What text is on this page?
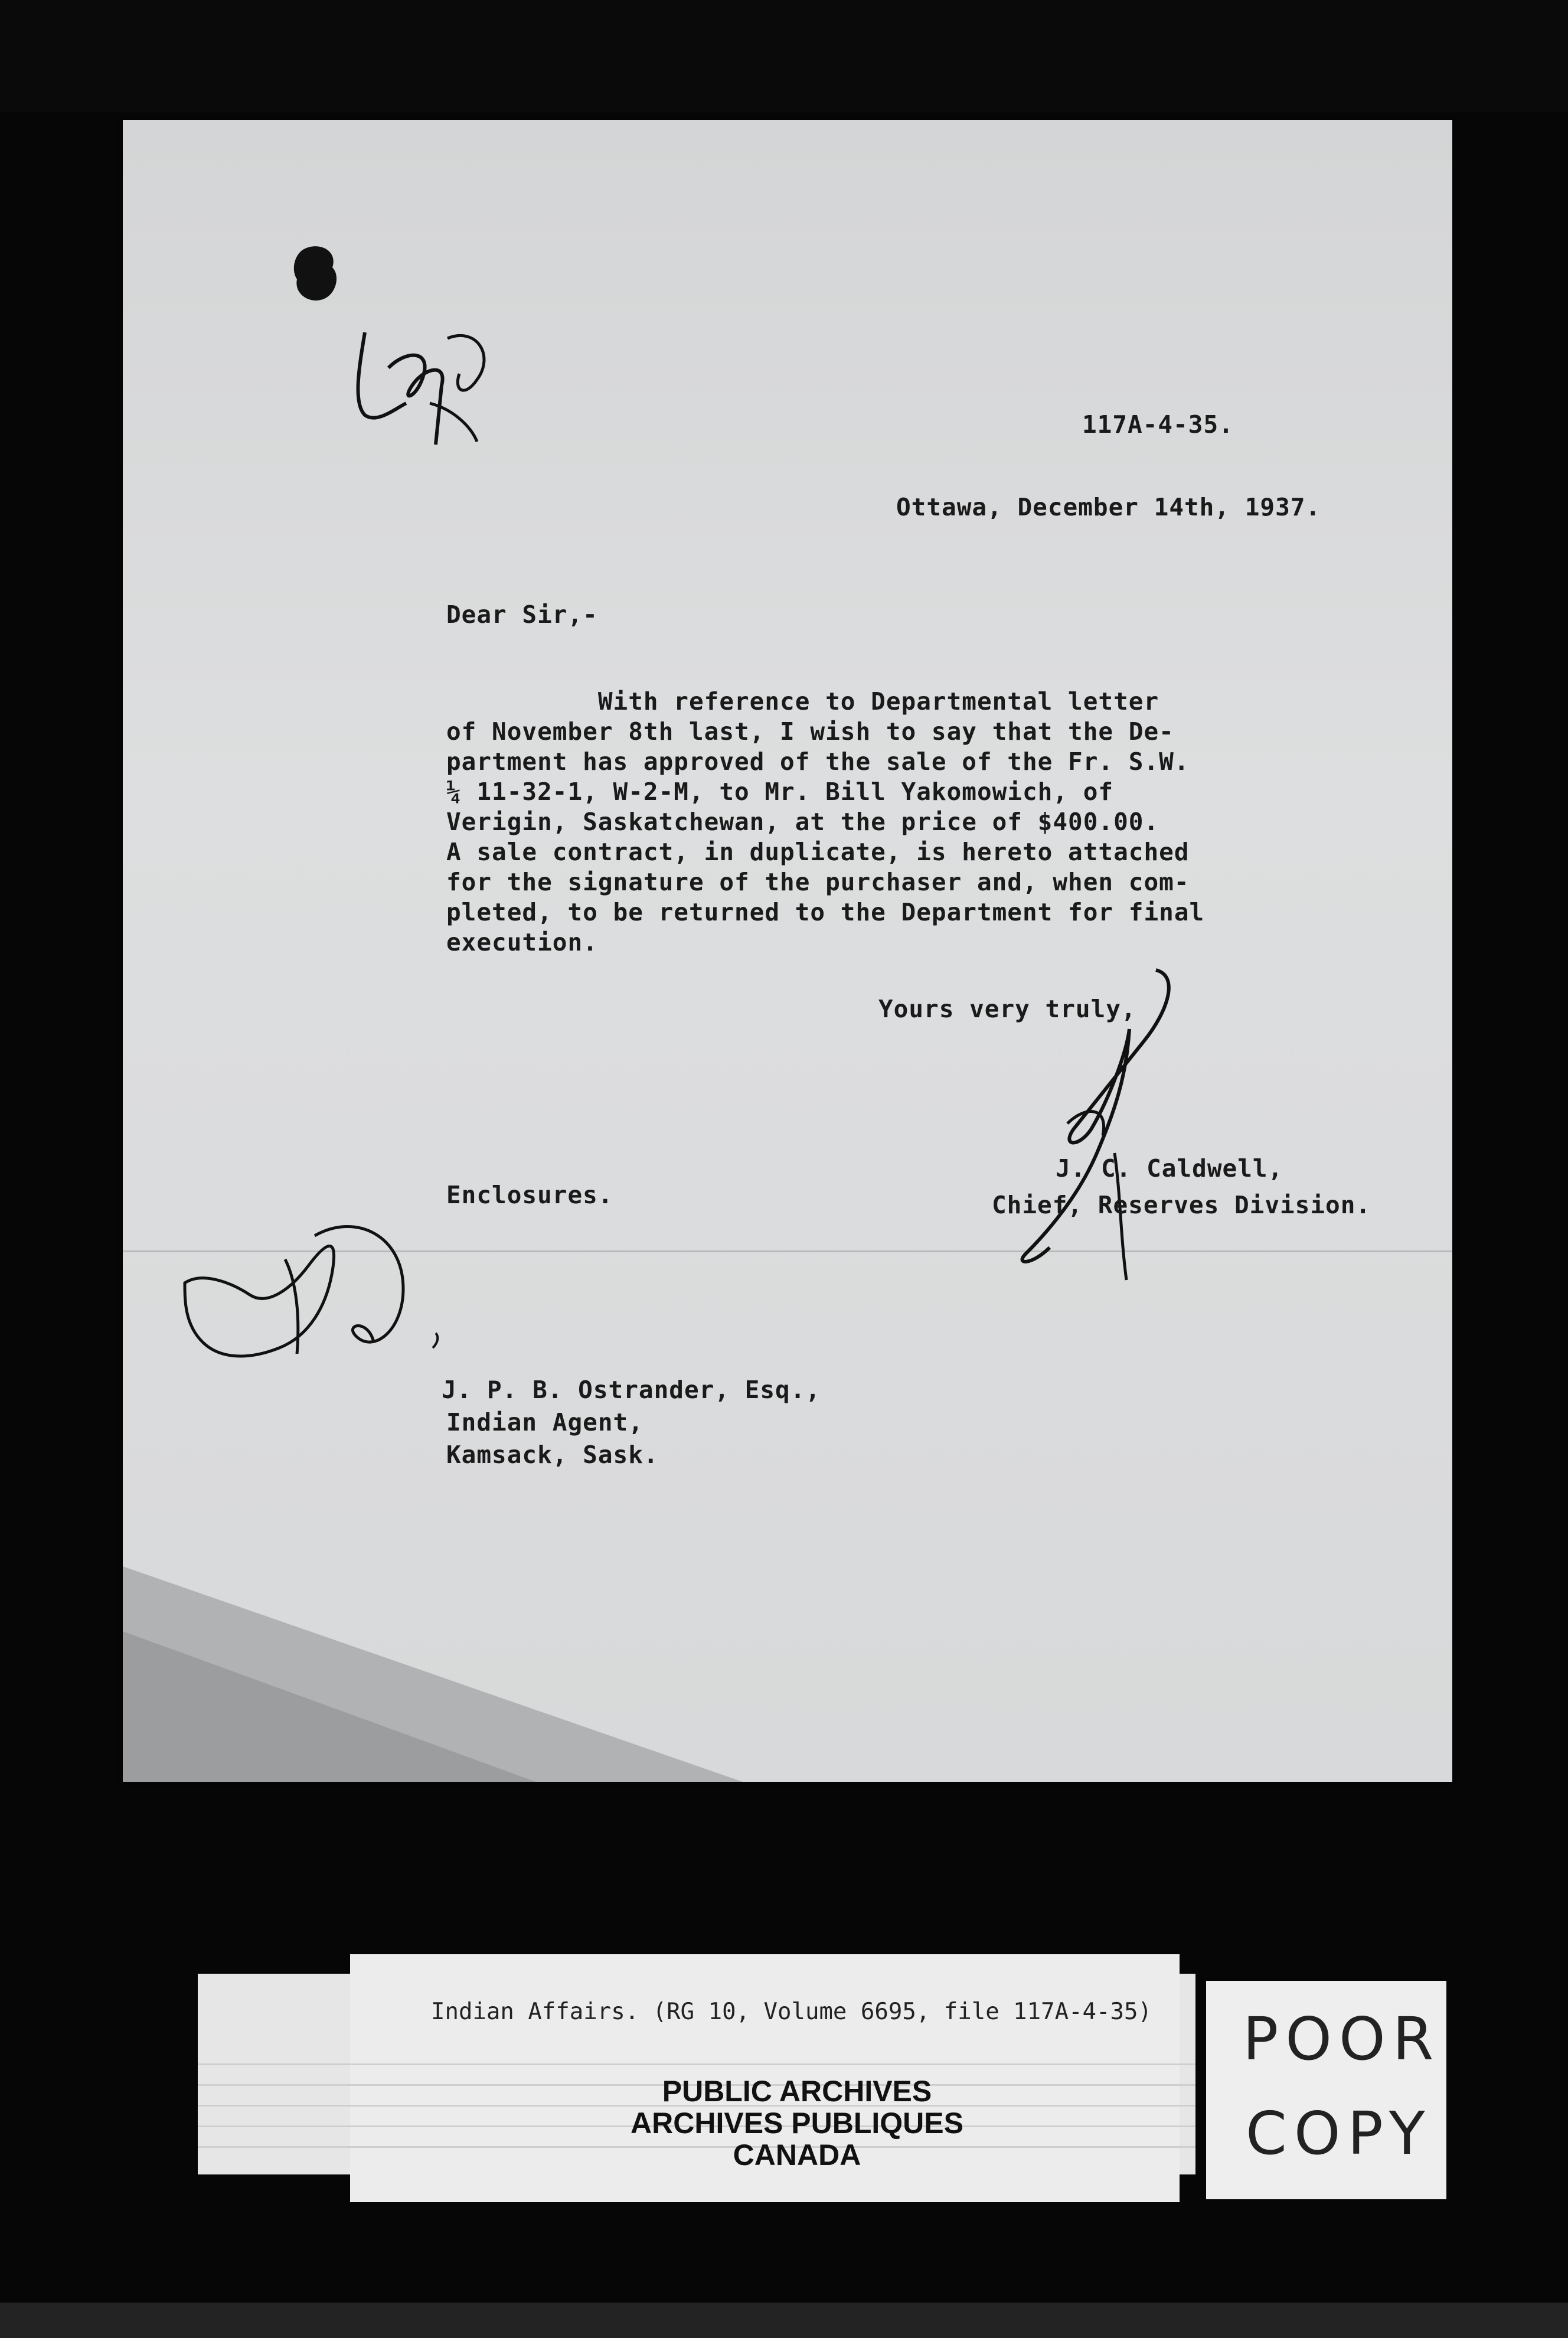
117A-4-35.
Ottawa, December 14th, 1937.
Dear Sir,-
With reference to Departmental letter
of November 8th last, I wish to say that the De-
partment has approved of the sale of the Fr. S.W.
¼ 11-32-1, W-2-M, to Mr. Bill Yakomowich, of
Verigin, Saskatchewan, at the price of $400.00.
A sale contract, in duplicate, is hereto attached
for the signature of the purchaser and, when com-
pleted, to be returned to the Department for final
execution.
Yours very truly,
J. C. Caldwell,
Chief, Reserves Division.
Enclosures.
J. P. B. Ostrander, Esq.,
Indian Agent,
Kamsack, Sask.
Indian Affairs. (RG 10, Volume 6695, file 117A-4-35)
PUBLIC ARCHIVES
ARCHIVES PUBLIQUES
CANADA
POOR
COPY
